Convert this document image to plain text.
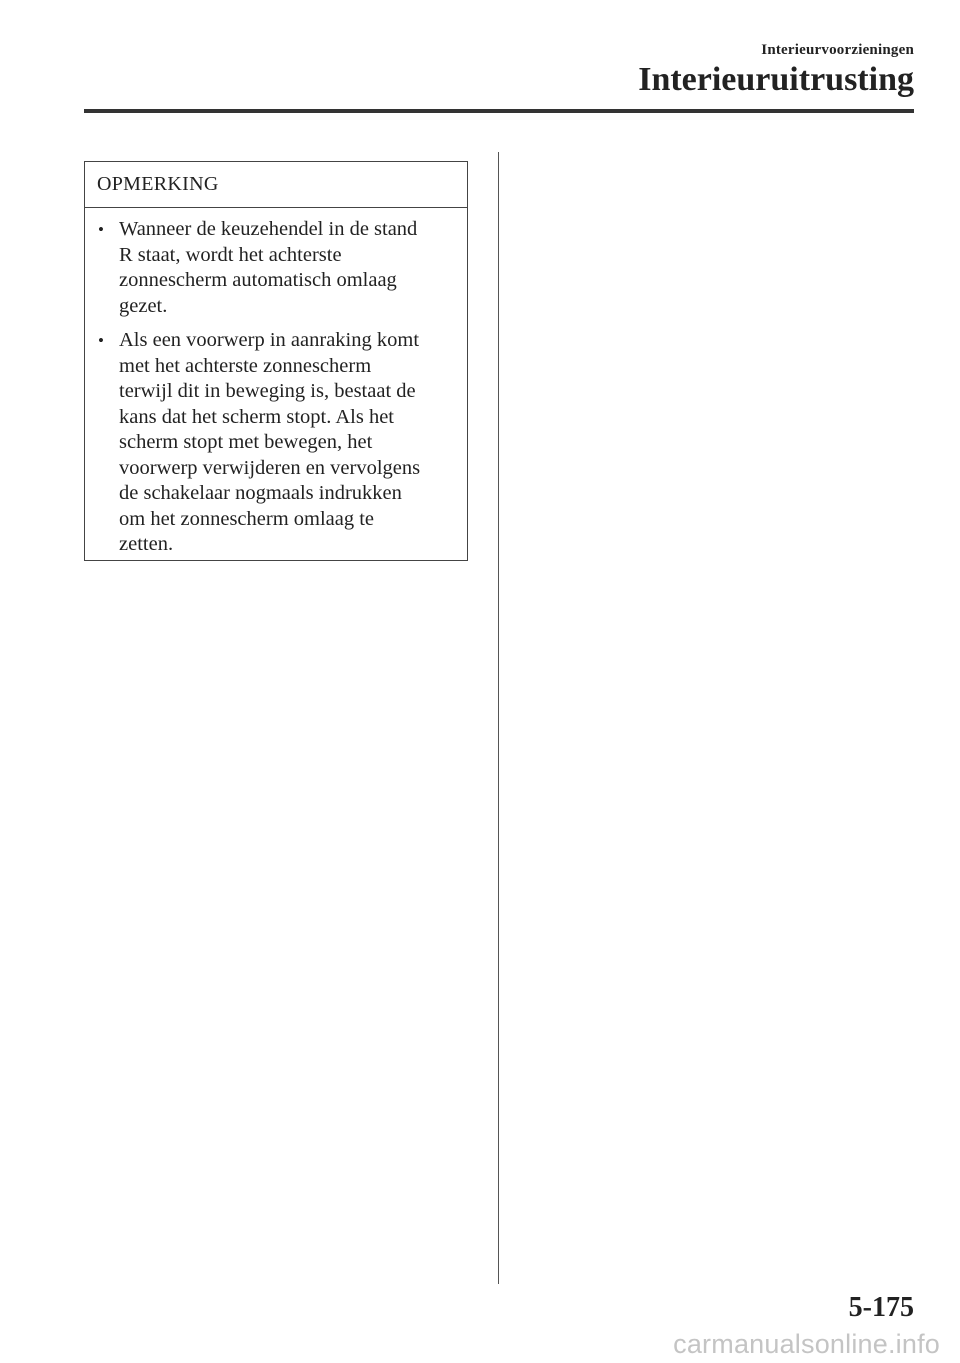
Interieurvoorzieningen
Interieuruitrusting
OPMERKING
• Wanneer de keuzehendel in de stand
R staat, wordt het achterste
zonnescherm automatisch omlaag
gezet.
• Als een voorwerp in aanraking komt
met het achterste zonnescherm
terwijl dit in beweging is, bestaat de
kans dat het scherm stopt. Als het
scherm stopt met bewegen, het
voorwerp verwijderen en vervolgens
de schakelaar nogmaals indrukken
om het zonnescherm omlaag te
zetten.
5-175
carmanualsonline.info
